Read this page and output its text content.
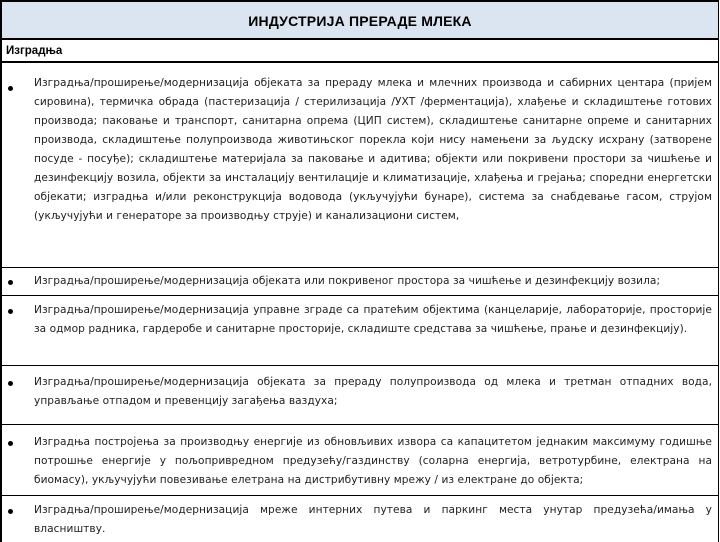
ИНДУСТРИЈА ПРЕРАДЕ МЛЕКА
Изградња
Изградња/проширење/модернизација објеката за прераду млека и млечних производа и сабирних центара (пријем сировина), термичка обрада (пастеризација / стерилизација /УХТ /ферментација), хлађење и складиштење готових производа; паковање и транспорт, санитарна опрема (ЦИП систем), складиштење санитарне опреме и санитарних производа, складиштење полупроизвода животињског порекла који нису намењени за људску исхрану (затворене посуде - посуђе); складиштење материјала за паковање и адитива; објекти или покривени простори за чишћење и дезинфекцију возила, објекти за инсталацију вентилације и климатизације, хлађења и грејања; споредни енергетски објекати; изградња и/или реконструкција водовода (укључујући бунаре), система за снабдевање гасом, струјом (укључујући и генераторе за производњу струје) и канализациони систем,
Изградња/проширење/модернизација објеката или покривеног простора за чишћење и дезинфекцију возила;
Изградња/проширење/модернизација управне зграде са пратећим објектима (канцеларије, лабораторије, просторије за одмор радника, гардеробе и санитарне просторије, складиште средстава за чишћење, прање и дезинфекцију).
Изградња/проширење/модернизација објеката за прераду полупроизвода од млека и третман отпадних вода, управљање отпадом и превенцију загађења ваздуха;
Изградња постројења за производњу енергије из обновљивих извора са капацитетом једнаким максимуму годишње потрошње енергије у пољопривредном предузећу/газдинству (соларна енергија, ветротурбине, електрана на биомасу), укључујући повезивање елетрана на дистрибутивну мрежу / из електране до објекта;
Изградња/проширење/модернизација мреже интерних путева и паркинг места унутар предузећа/имања у власништву.
